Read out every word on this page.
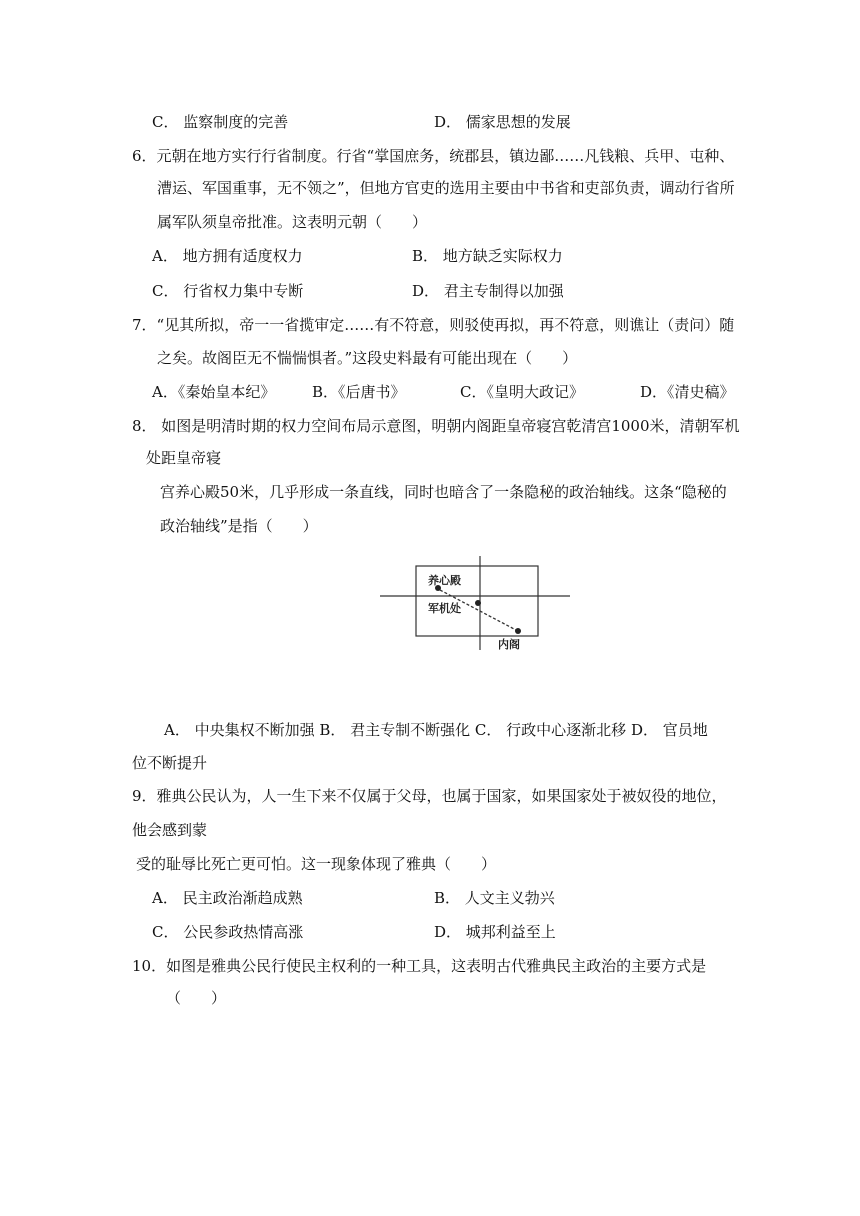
C． 监察制度的完善	D． 儒家思想的发展
6．元朝在地方实行行省制度。行省“掌国庶务，统郡县，镇边鄙……凡钱粮、兵甲、屯种、
漕运、军国重事，无不领之”，但地方官吏的选用主要由中书省和吏部负责，调动行省所
属军队须皇帝批准。这表明元朝（　　）
A． 地方拥有适度权力	B． 地方缺乏实际权力
C． 行省权力集中专断	D． 君主专制得以加强
7．“见其所拟，帝一一省揽审定……有不符意，则驳使再拟，再不符意，则谯让（责问）随
之矣。故阁臣无不惴惴惧者。”这段史料最有可能出现在（　　）
A．《秦始皇本纪》 B．《后唐书》	C．《皇明大政记》	D．《清史稿》
8． 如图是明清时期的权力空间布局示意图，明朝内阁距皇帝寝宫乾清宫1000米，清朝军机
处距皇帝寝
宫养心殿50米，几乎形成一条直线，同时也暗含了一条隐秘的政治轴线。这条“隐秘的
政治轴线”是指（　　）
养心殿
军机处
内阁
A． 中央集权不断加强 B． 君主专制不断强化 C． 行政中心逐渐北移 D． 官员地
位不断提升
9．雅典公民认为，人一生下来不仅属于父母，也属于国家，如果国家处于被奴役的地位，
他会感到蒙
受的耻辱比死亡更可怕。这一现象体现了雅典（　　）
A． 民主政治渐趋成熟	B． 人文主义勃兴
C． 公民参政热情高涨	D． 城邦利益至上
10．如图是雅典公民行使民主权利的一种工具，这表明古代雅典民主政治的主要方式是
（　　）
